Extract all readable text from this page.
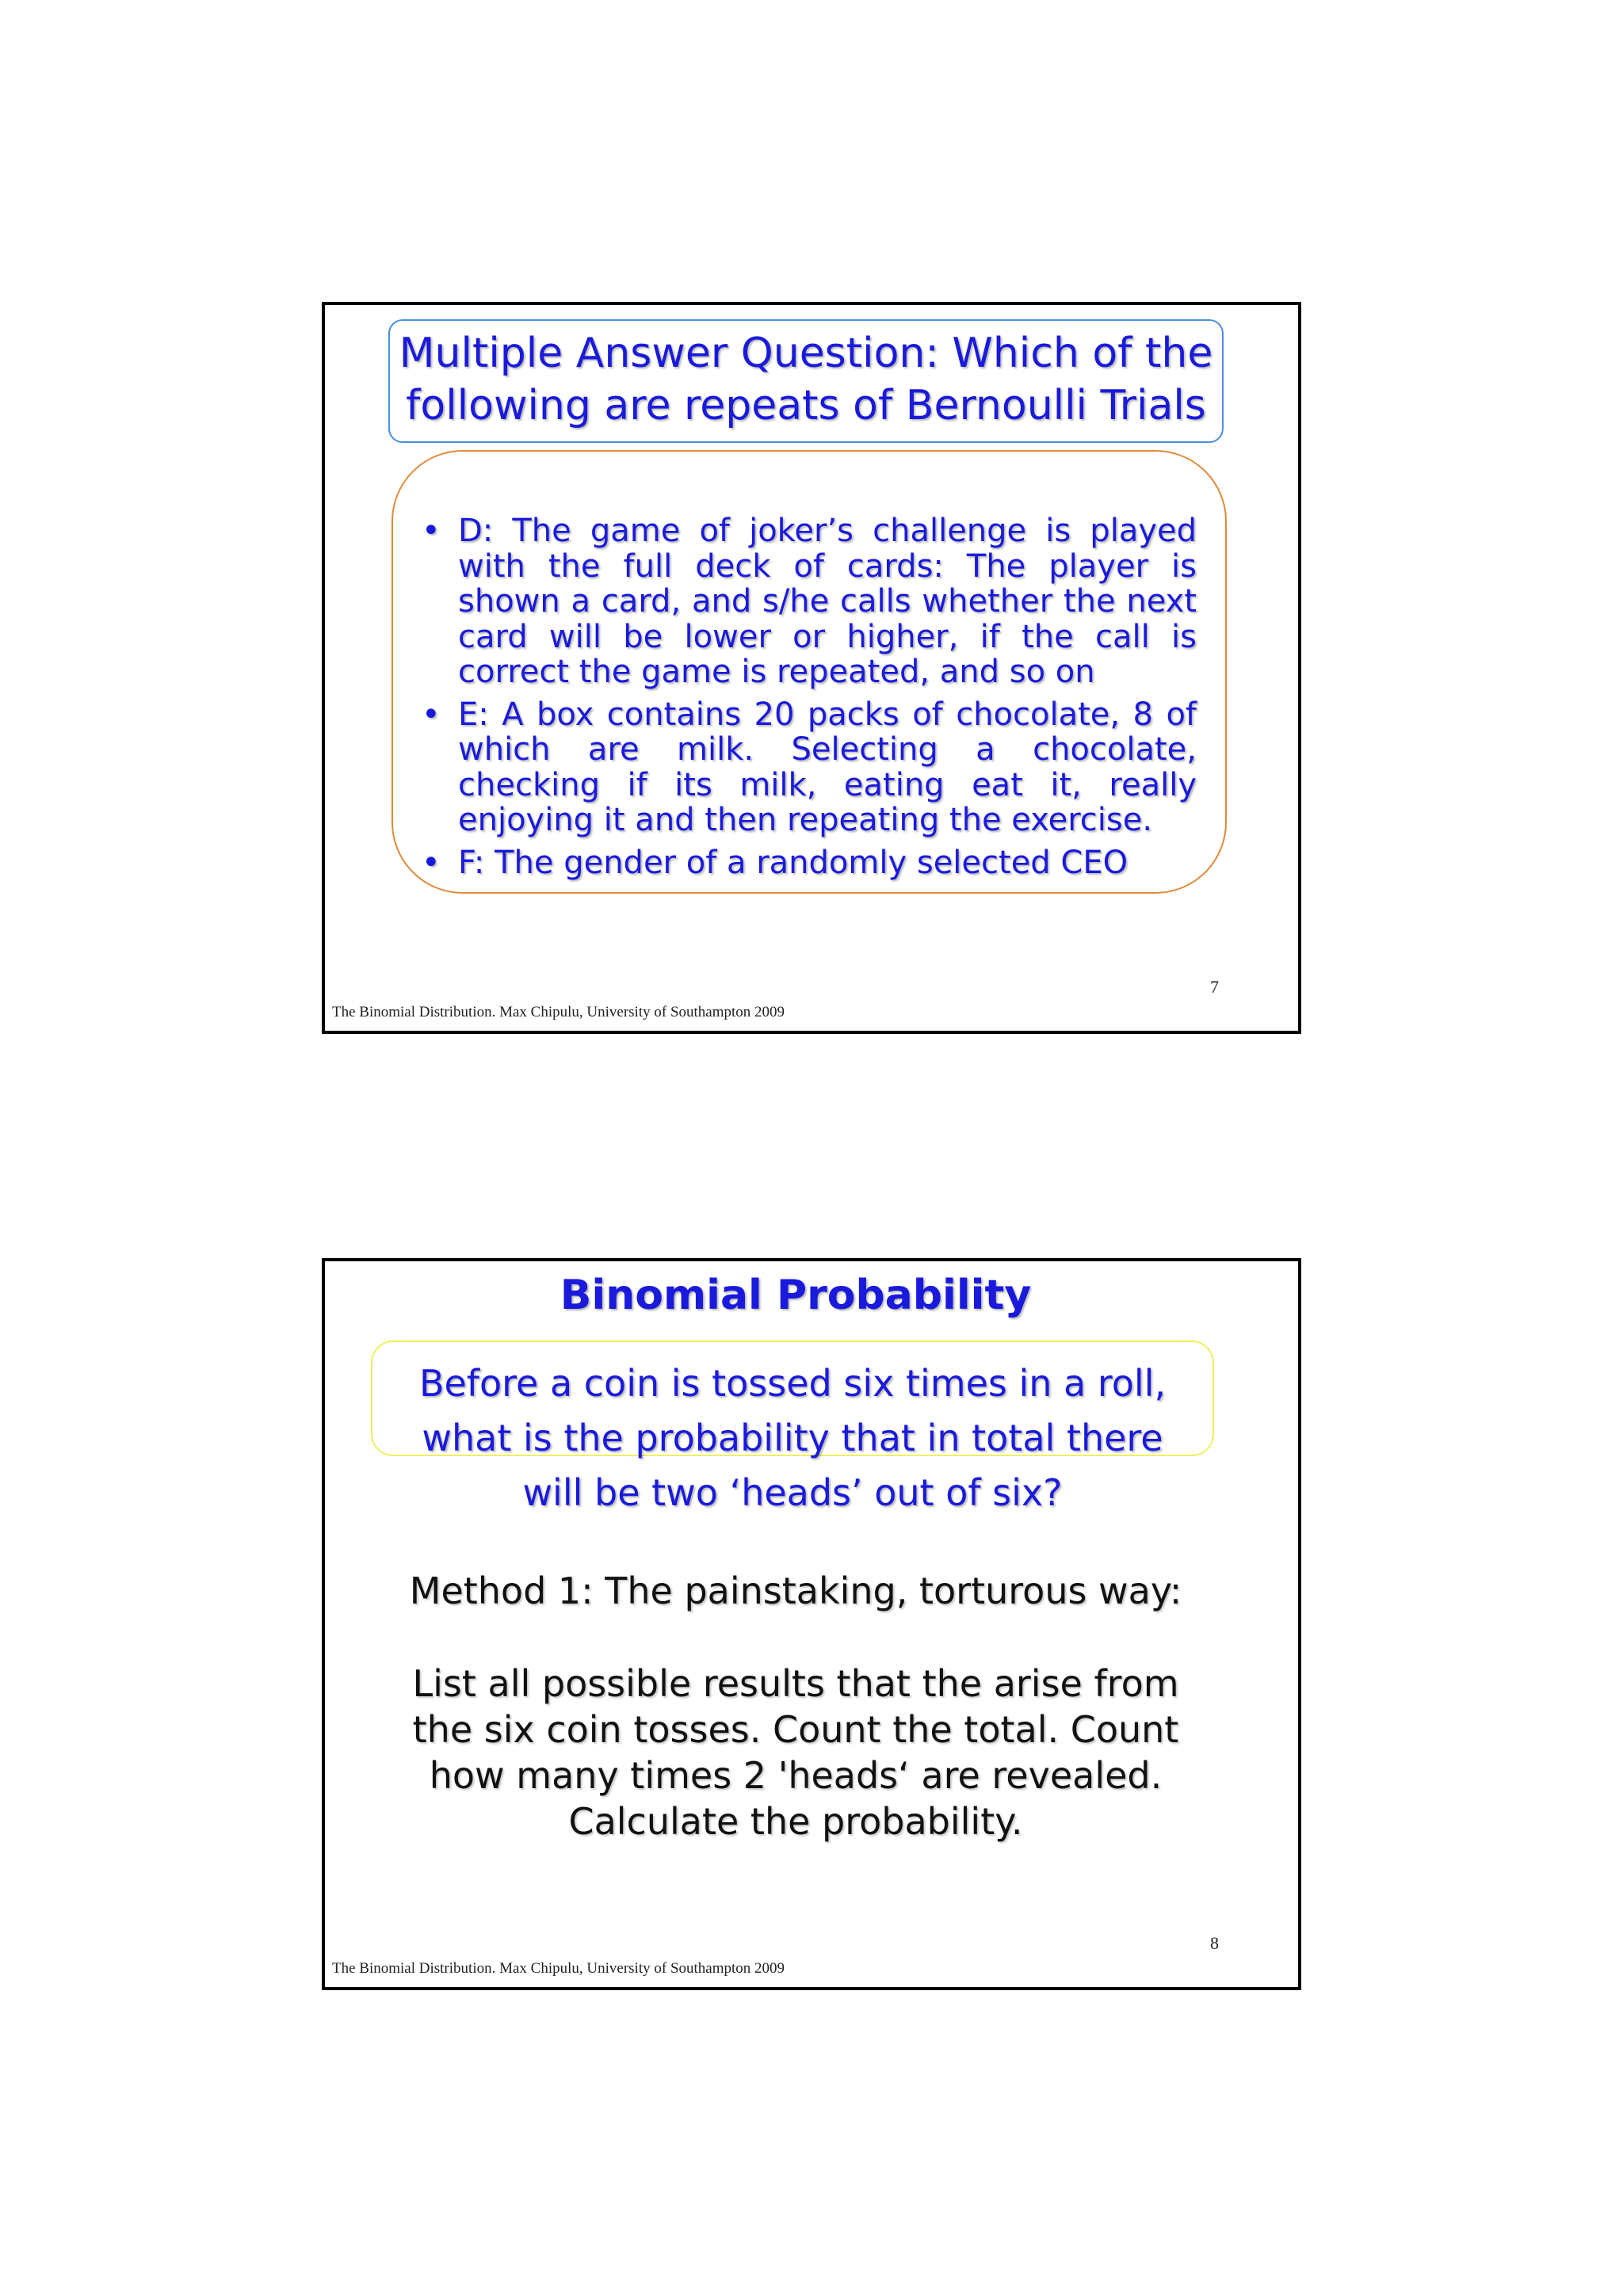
Multiple Answer Question: Which of the following are repeats of Bernoulli Trials
• D: The game of joker’s challenge is played with the full deck of cards: The player is shown a card, and s/he calls whether the next card will be lower or higher, if the call is correct the game is repeated, and so on
• E: A box contains 20 packs of chocolate, 8 of which are milk. Selecting a chocolate, checking if its milk, eating eat it, really enjoying it and then repeating the exercise.
• F: The gender of a randomly selected CEO
7
The Binomial Distribution. Max Chipulu, University of Southampton 2009
Binomial Probability

Before a coin is tossed six times in a roll, what is the probability that in total there will be two ‘heads’ out of six?

Method 1: The painstaking, torturous way:

List all possible results that the arise from the six coin tosses. Count the total. Count how many times 2 'heads‘ are revealed. Calculate the probability.

8
The Binomial Distribution. Max Chipulu, University of Southampton 2009
